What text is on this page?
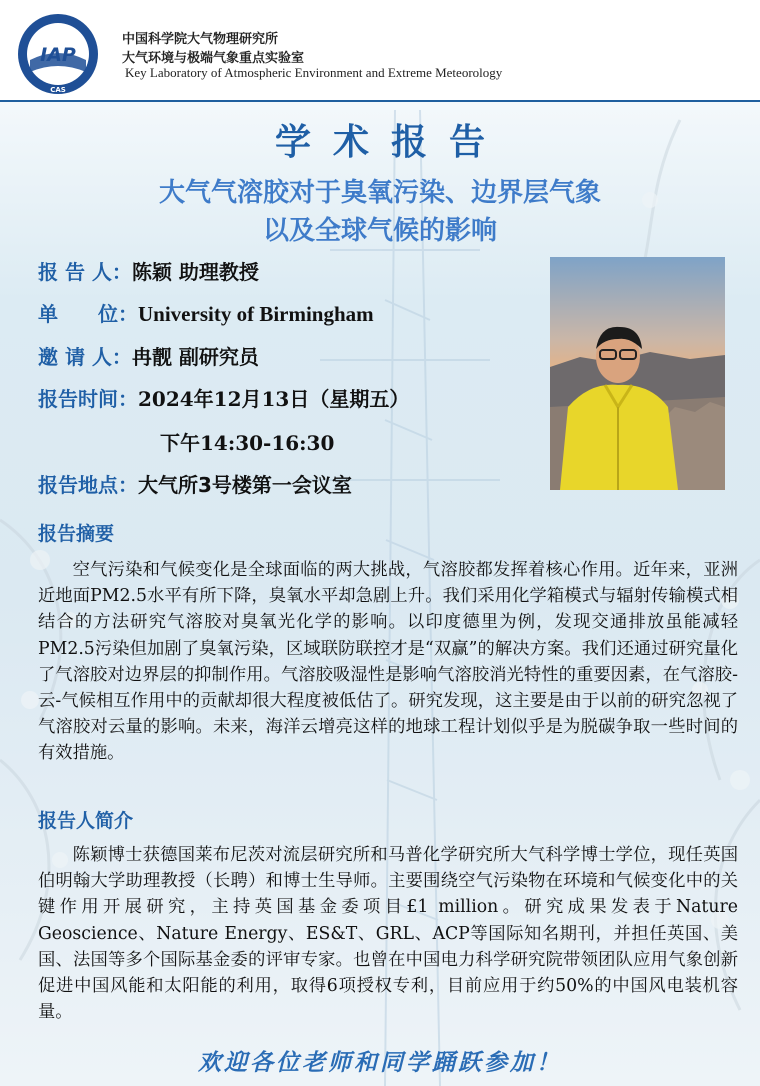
IAP
CAS
中国科学院大气物理研究所
大气环境与极端气象重点实验室
Key Laboratory of Atmospheric Environment and Extreme Meteorology
学术报告
大气气溶胶对于臭氧污染、边界层气象
以及全球气候的影响
报 告 人：陈颖 助理教授
单　　位：University of Birmingham
邀 请 人：冉靓 副研究员
报告时间：2024年12月13日（星期五）
下午14:30-16:30
报告地点：大气所3号楼第一会议室
报告摘要
空气污染和气候变化是全球面临的两大挑战，气溶胶都发挥着核心作用。近年来，亚洲近地面PM2.5水平有所下降，臭氧水平却急剧上升。我们采用化学箱模式与辐射传输模式相结合的方法研究气溶胶对臭氧光化学的影响。以印度德里为例，发现交通排放虽能减轻PM2.5污染但加剧了臭氧污染，区域联防联控才是“双赢”的解决方案。我们还通过研究量化了气溶胶对边界层的抑制作用。气溶胶吸湿性是影响气溶胶消光特性的重要因素，在气溶胶-云-气候相互作用中的贡献却很大程度被低估了。研究发现，这主要是由于以前的研究忽视了气溶胶对云量的影响。未来，海洋云增亮这样的地球工程计划似乎是为脱碳争取一些时间的有效措施。
报告人简介
陈颖博士获德国莱布尼茨对流层研究所和马普化学研究所大气科学博士学位，现任英国伯明翰大学助理教授（长聘）和博士生导师。主要围绕空气污染物在环境和气候变化中的关键作用开展研究，主持英国基金委项目£1 million。研究成果发表于Nature Geoscience、Nature Energy、ES&T、GRL、ACP等国际知名期刊，并担任英国、美国、法国等多个国际基金委的评审专家。也曾在中国电力科学研究院带领团队应用气象创新促进中国风能和太阳能的利用，取得6项授权专利，目前应用于约50%的中国风电装机容量。
欢迎各位老师和同学踊跃参加！
